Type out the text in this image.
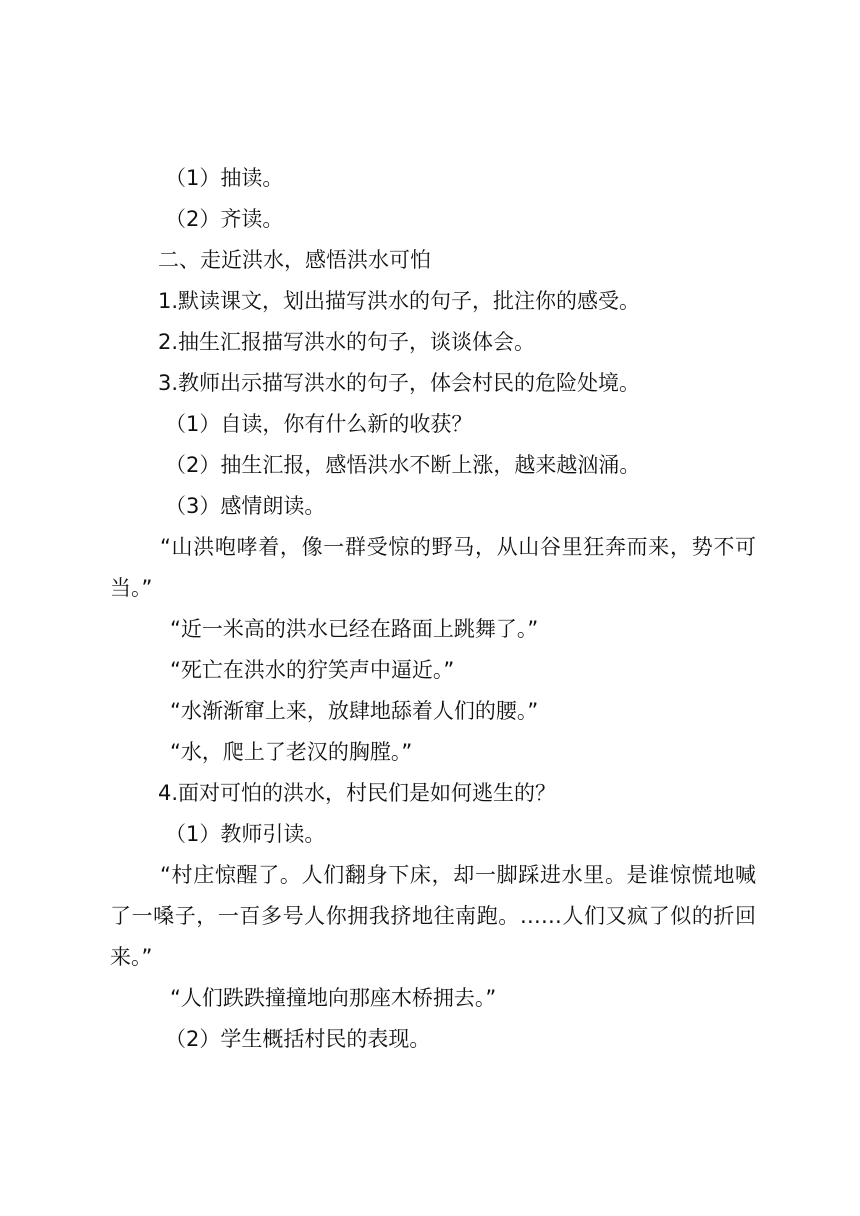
（1）抽读。

（2）齐读。

二、走近洪水，感悟洪水可怕

1.默读课文，划出描写洪水的句子，批注你的感受。

2.抽生汇报描写洪水的句子，谈谈体会。

3.教师出示描写洪水的句子，体会村民的危险处境。

（1）自读，你有什么新的收获？

（2）抽生汇报，感悟洪水不断上涨，越来越汹涌。

（3）感情朗读。

“山洪咆哮着，像一群受惊的野马，从山谷里狂奔而来，势不可当。”

“近一米高的洪水已经在路面上跳舞了。”

“死亡在洪水的狞笑声中逼近。”

“水渐渐窜上来，放肆地舔着人们的腰。”

“水，爬上了老汉的胸膛。”

4.面对可怕的洪水，村民们是如何逃生的？

（1）教师引读。

“村庄惊醒了。人们翻身下床，却一脚踩进水里。是谁惊慌地喊了一嗓子，一百多号人你拥我挤地往南跑。……人们又疯了似的折回来。”

“人们跌跌撞撞地向那座木桥拥去。”

（2）学生概括村民的表现。
